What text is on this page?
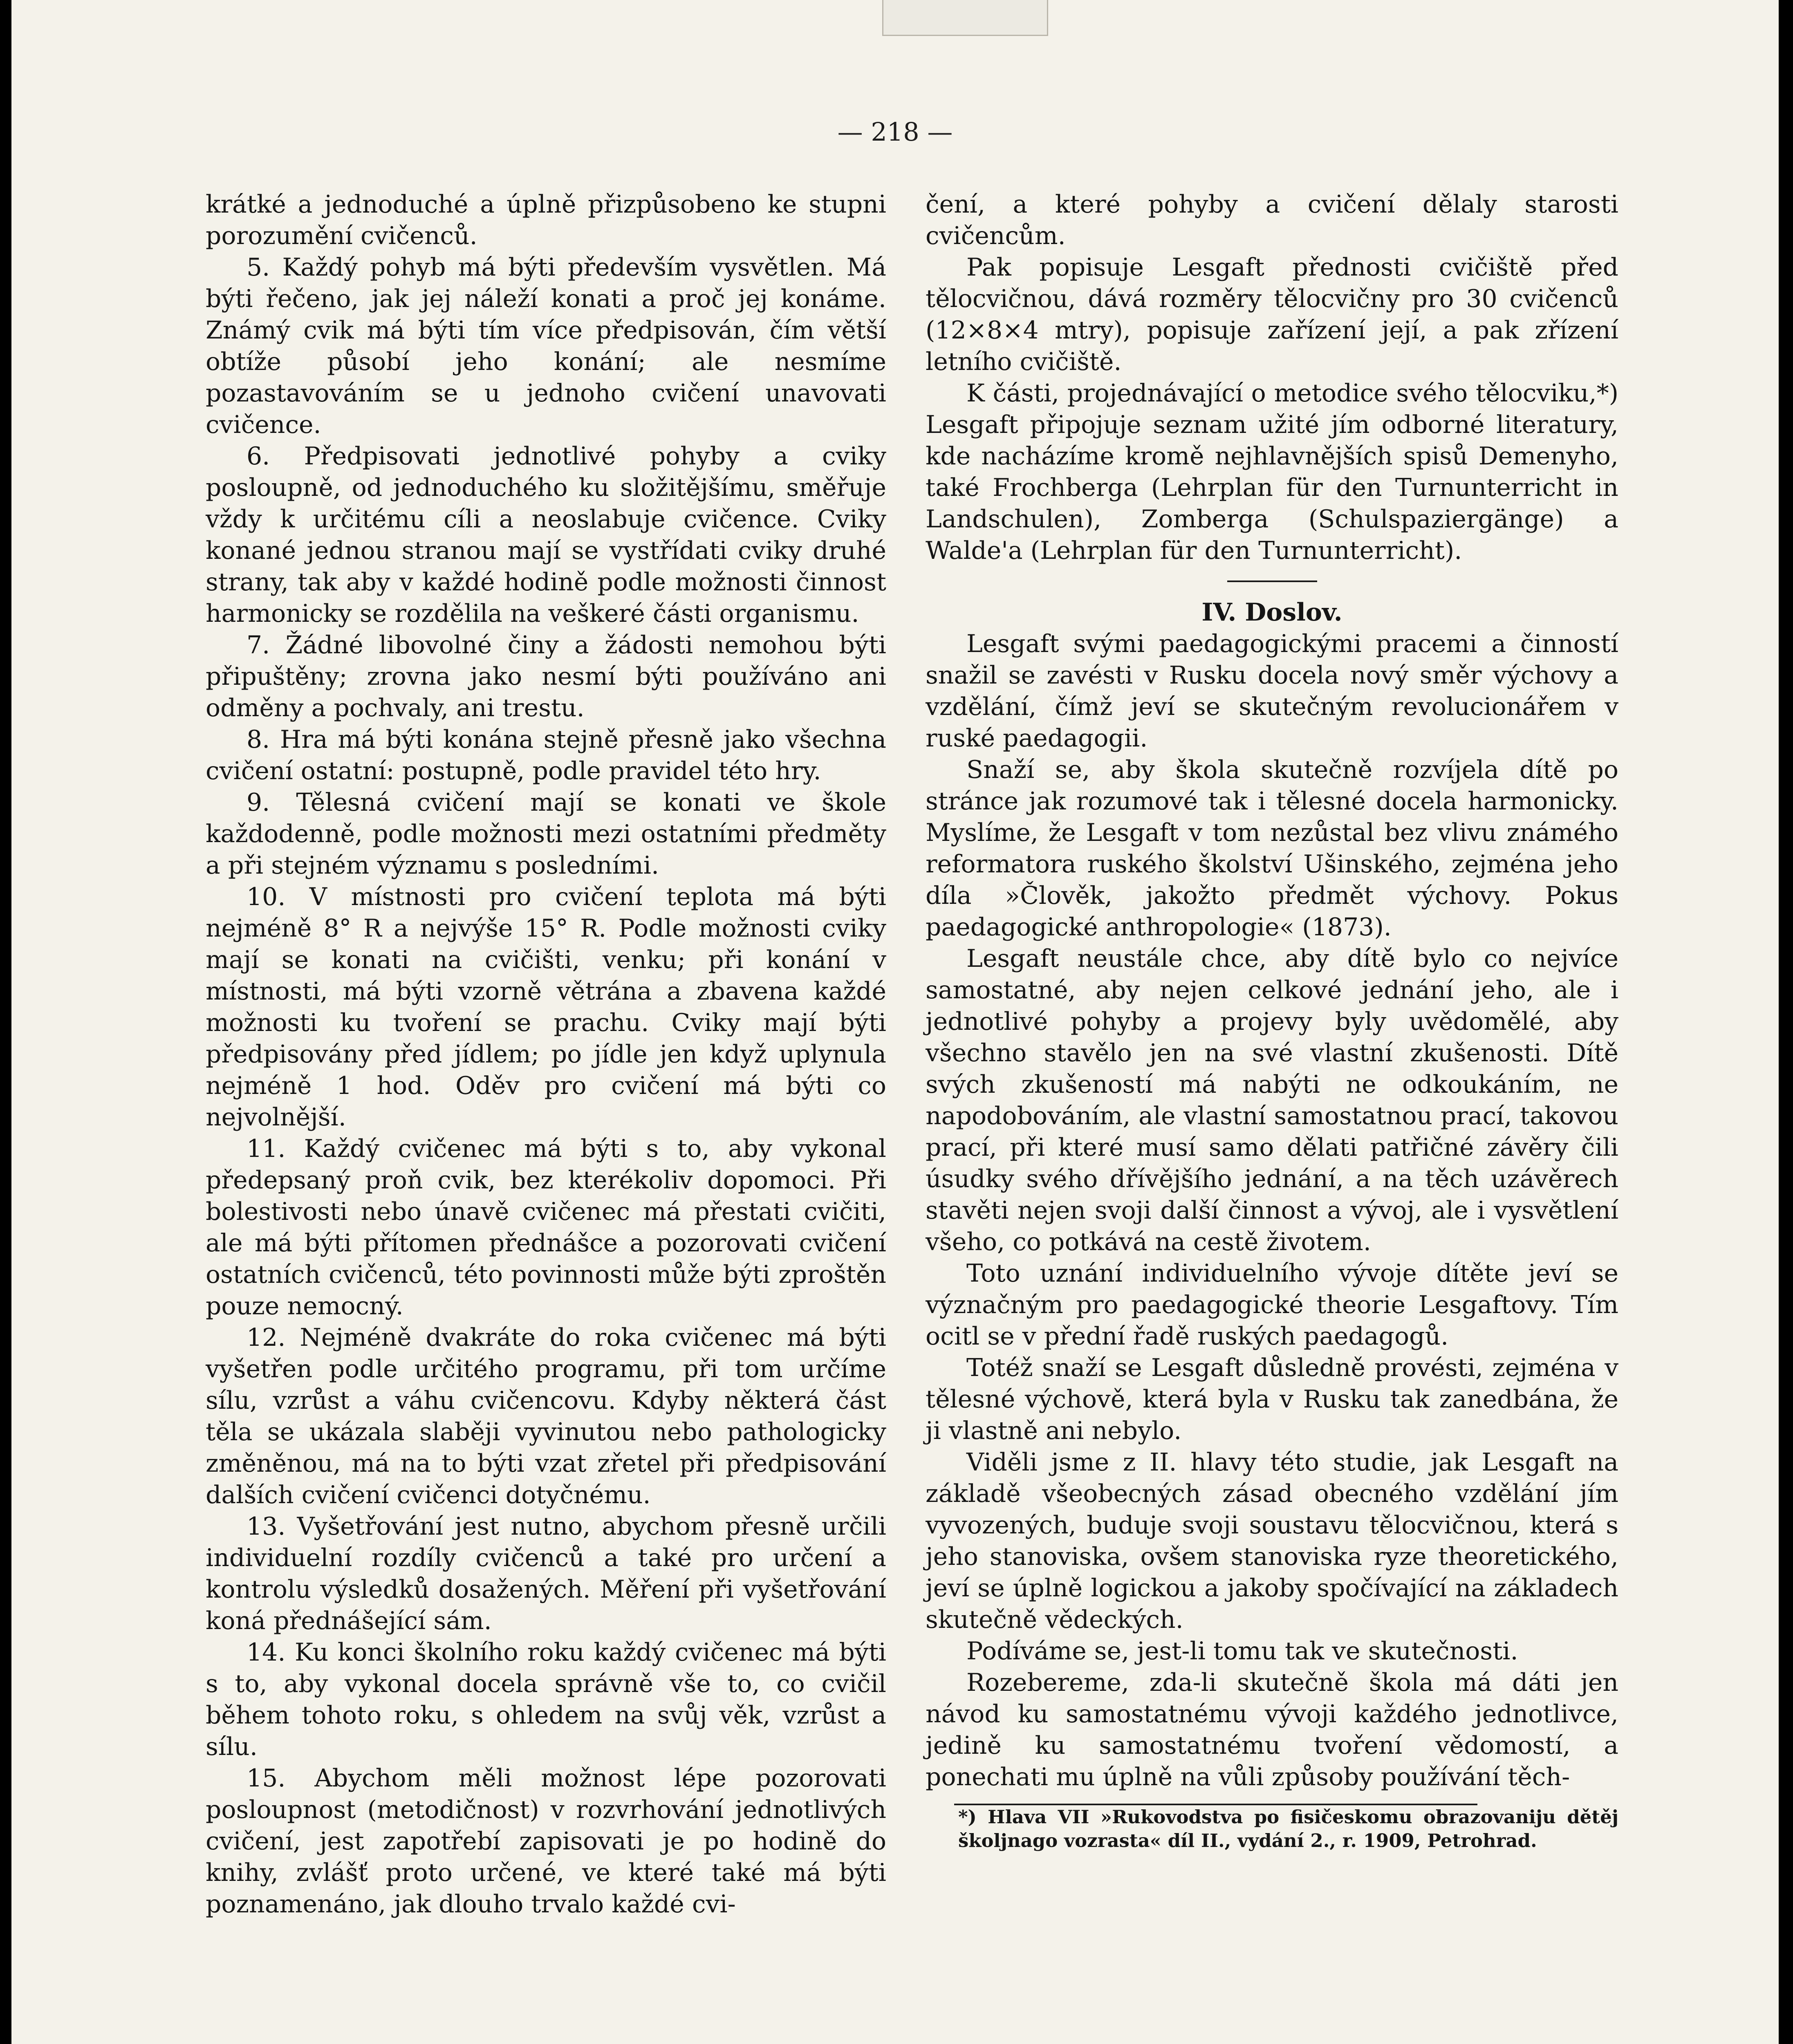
— 218 —

krátké a jednoduché a úplně přizpůsobeno ke stupni porozumění cvičenců.

5. Každý pohyb má býti především vysvětlen. Má býti řečeno, jak jej náleží konati a proč jej konáme. Známý cvik má býti tím více předpisován, čím větší obtíže působí jeho konání; ale nesmíme pozastavováním se u jednoho cvičení unavovati cvičence.

6. Předpisovati jednotlivé pohyby a cviky posloupně, od jednoduchého ku složitějšímu, směřuje vždy k určitému cíli a neoslabuje cvičence. Cviky konané jednou stranou mají se vystřídati cviky druhé strany, tak aby v každé hodině podle možnosti činnost harmonicky se rozdělila na veškeré části organismu.

7. Žádné libovolné činy a žádosti nemohou býti připuštěny; zrovna jako nesmí býti používáno ani odměny a pochvaly, ani trestu.

8. Hra má býti konána stejně přesně jako všechna cvičení ostatní: postupně, podle pravidel této hry.

9. Tělesná cvičení mají se konati ve škole každodenně, podle možnosti mezi ostatními předměty a při stejném významu s posledními.

10. V místnosti pro cvičení teplota má býti nejméně 8° R a nejvýše 15° R. Podle možnosti cviky mají se konati na cvičišti, venku; při konání v místnosti, má býti vzorně větrána a zbavena každé možnosti ku tvoření se prachu. Cviky mají býti předpisovány před jídlem; po jídle jen když uplynula nejméně 1 hod. Oděv pro cvičení má býti co nejvolnější.

11. Každý cvičenec má býti s to, aby vykonal předepsaný proň cvik, bez kterékoliv dopomoci. Při bolestivosti nebo únavě cvičenec má přestati cvičiti, ale má býti přítomen přednášce a pozorovati cvičení ostatních cvičenců, této povinnosti může býti zproštěn pouze nemocný.

12. Nejméně dvakráte do roka cvičenec má býti vyšetřen podle určitého programu, při tom určíme sílu, vzrůst a váhu cvičencovu. Kdyby některá část těla se ukázala slaběji vyvinutou nebo pathologicky změněnou, má na to býti vzat zřetel při předpisování dalších cvičení cvičenci dotyčnému.

13. Vyšetřování jest nutno, abychom přesně určili individuelní rozdíly cvičenců a také pro určení a kontrolu výsledků dosažených. Měření při vyšetřování koná přednášející sám.

14. Ku konci školního roku každý cvičenec má býti s to, aby vykonal docela správně vše to, co cvičil během tohoto roku, s ohledem na svůj věk, vzrůst a sílu.

15. Abychom měli možnost lépe pozorovati posloupnost (metodičnost) v rozvrhování jednotlivých cvičení, jest zapotřebí zapisovati je po hodině do knihy, zvlášť proto určené, ve které také má býti poznamenáno, jak dlouho trvalo každé cvi-

čení, a které pohyby a cvičení dělaly starosti cvičencům.

Pak popisuje Lesgaft přednosti cvičiště před tělocvičnou, dává rozměry tělocvičny pro 30 cvičenců (12×8×4 mtry), popisuje zařízení její, a pak zřízení letního cvičiště.

K části, projednávající o metodice svého tělocviku,*) Lesgaft připojuje seznam užité jím odborné literatury, kde nacházíme kromě nejhlavnějších spisů Demenyho, také Frochberga (Lehrplan für den Turnunterricht in Landschulen), Zomberga (Schulspaziergänge) a Walde'a (Lehrplan für den Turnunterricht).

IV. Doslov.

Lesgaft svými paedagogickými pracemi a činností snažil se zavésti v Rusku docela nový směr výchovy a vzdělání, čímž jeví se skutečným revolucionářem v ruské paedagogii.

Snaží se, aby škola skutečně rozvíjela dítě po stránce jak rozumové tak i tělesné docela harmonicky. Myslíme, že Lesgaft v tom nezůstal bez vlivu známého reformatora ruského školství Ušinského, zejména jeho díla »Člověk, jakožto předmět výchovy. Pokus paedagogické anthropologie« (1873).

Lesgaft neustále chce, aby dítě bylo co nejvíce samostatné, aby nejen celkové jednání jeho, ale i jednotlivé pohyby a projevy byly uvědomělé, aby všechno stavělo jen na své vlastní zkušenosti. Dítě svých zkušeností má nabýti ne odkoukáním, ne napodobováním, ale vlastní samostatnou prací, takovou prací, při které musí samo dělati patřičné závěry čili úsudky svého dřívějšího jednání, a na těch uzávěrech stavěti nejen svoji další činnost a vývoj, ale i vysvětlení všeho, co potkává na cestě životem.

Toto uznání individuelního vývoje dítěte jeví se význačným pro paedagogické theorie Lesgaftovy. Tím ocitl se v přední řadě ruských paedagogů.

Totéž snaží se Lesgaft důsledně provésti, zejména v tělesné výchově, která byla v Rusku tak zanedbána, že ji vlastně ani nebylo.

Viděli jsme z II. hlavy této studie, jak Lesgaft na základě všeobecných zásad obecného vzdělání jím vyvozených, buduje svoji soustavu tělocvičnou, která s jeho stanoviska, ovšem stanoviska ryze theoretického, jeví se úplně logickou a jakoby spočívající na základech skutečně vědeckých.

Podíváme se, jest-li tomu tak ve skutečnosti.

Rozebereme, zda-li skutečně škola má dáti jen návod ku samostatnému vývoji každého jednotlivce, jedině ku samostatnému tvoření vědomostí, a ponechati mu úplně na vůli způsoby používání těch-

*) Hlava VII »Rukovodstva po fisičeskomu obrazovaniju dětěj školjnago vozrasta« díl II., vydání 2., r. 1909, Petrohrad.
